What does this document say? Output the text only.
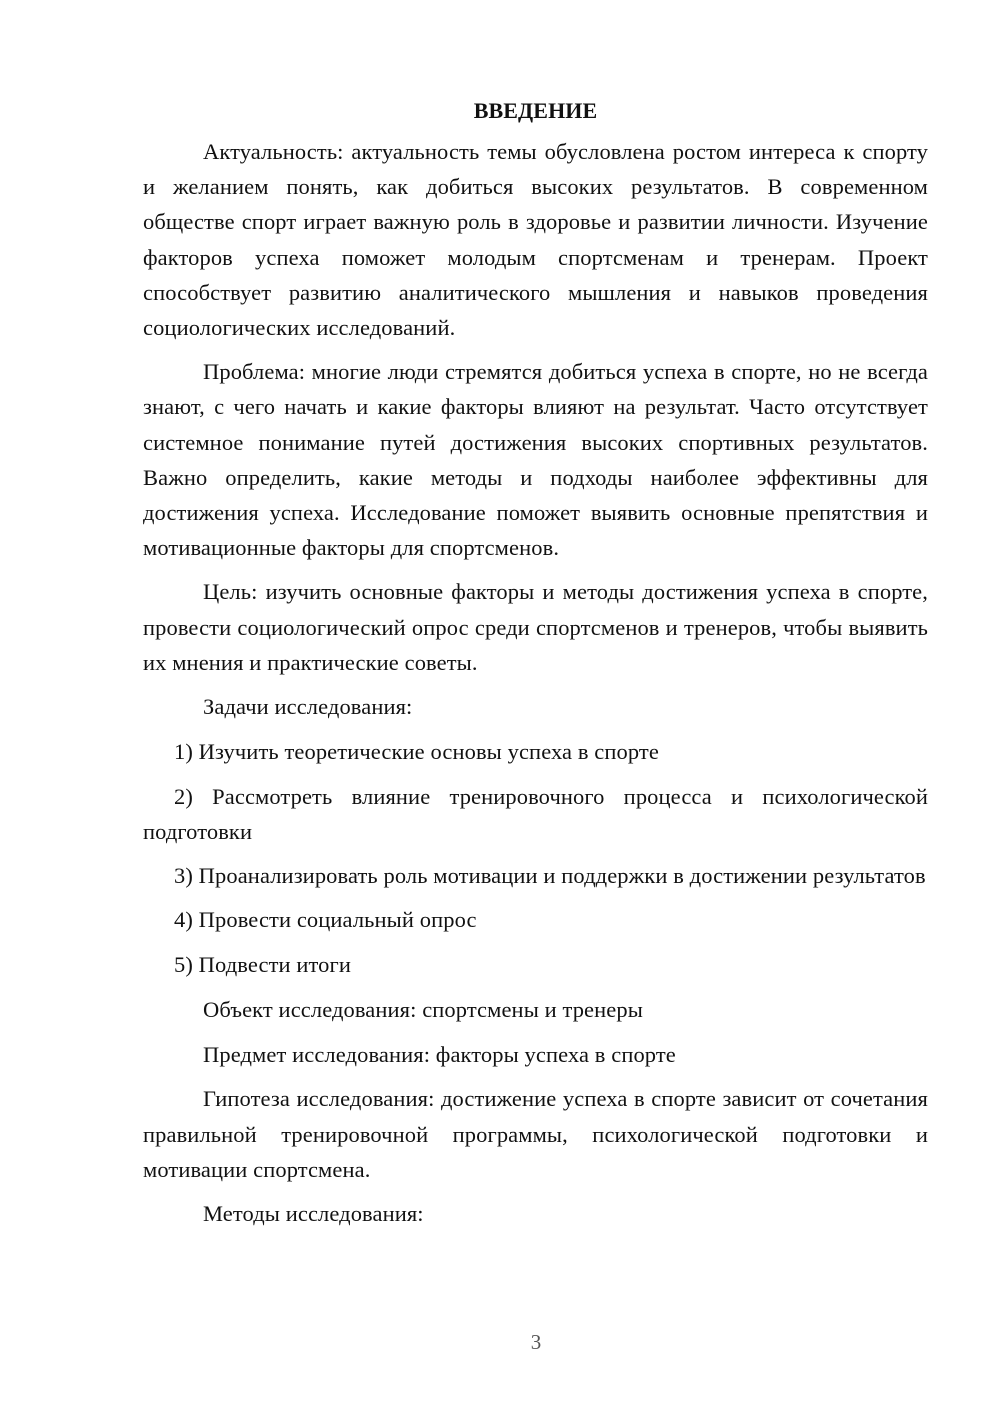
ВВЕДЕНИЕ

Актуальность: актуальность темы обусловлена ростом интереса к спорту и желанием понять, как добиться высоких результатов. В современном обществе спорт играет важную роль в здоровье и развитии личности. Изучение факторов успеха поможет молодым спортсменам и тренерам. Проект способствует развитию аналитического мышления и навыков проведения социологических исследований.

Проблема: многие люди стремятся добиться успеха в спорте, но не всегда знают, с чего начать и какие факторы влияют на результат. Часто отсутствует системное понимание путей достижения высоких спортивных результатов. Важно определить, какие методы и подходы наиболее эффективны для достижения успеха. Исследование поможет выявить основные препятствия и мотивационные факторы для спортсменов.

Цель: изучить основные факторы и методы достижения успеха в спорте, провести социологический опрос среди спортсменов и тренеров, чтобы выявить их мнения и практические советы.

Задачи исследования:

1) Изучить теоретические основы успеха в спорте

2) Рассмотреть влияние тренировочного процесса и психологической подготовки

3) Проанализировать роль мотивации и поддержки в достижении результатов

4) Провести социальный опрос

5) Подвести итоги

Объект исследования: спортсмены и тренеры

Предмет исследования: факторы успеха в спорте

Гипотеза исследования: достижение успеха в спорте зависит от сочетания правильной тренировочной программы, психологической подготовки и мотивации спортсмена.

Методы исследования:

3
